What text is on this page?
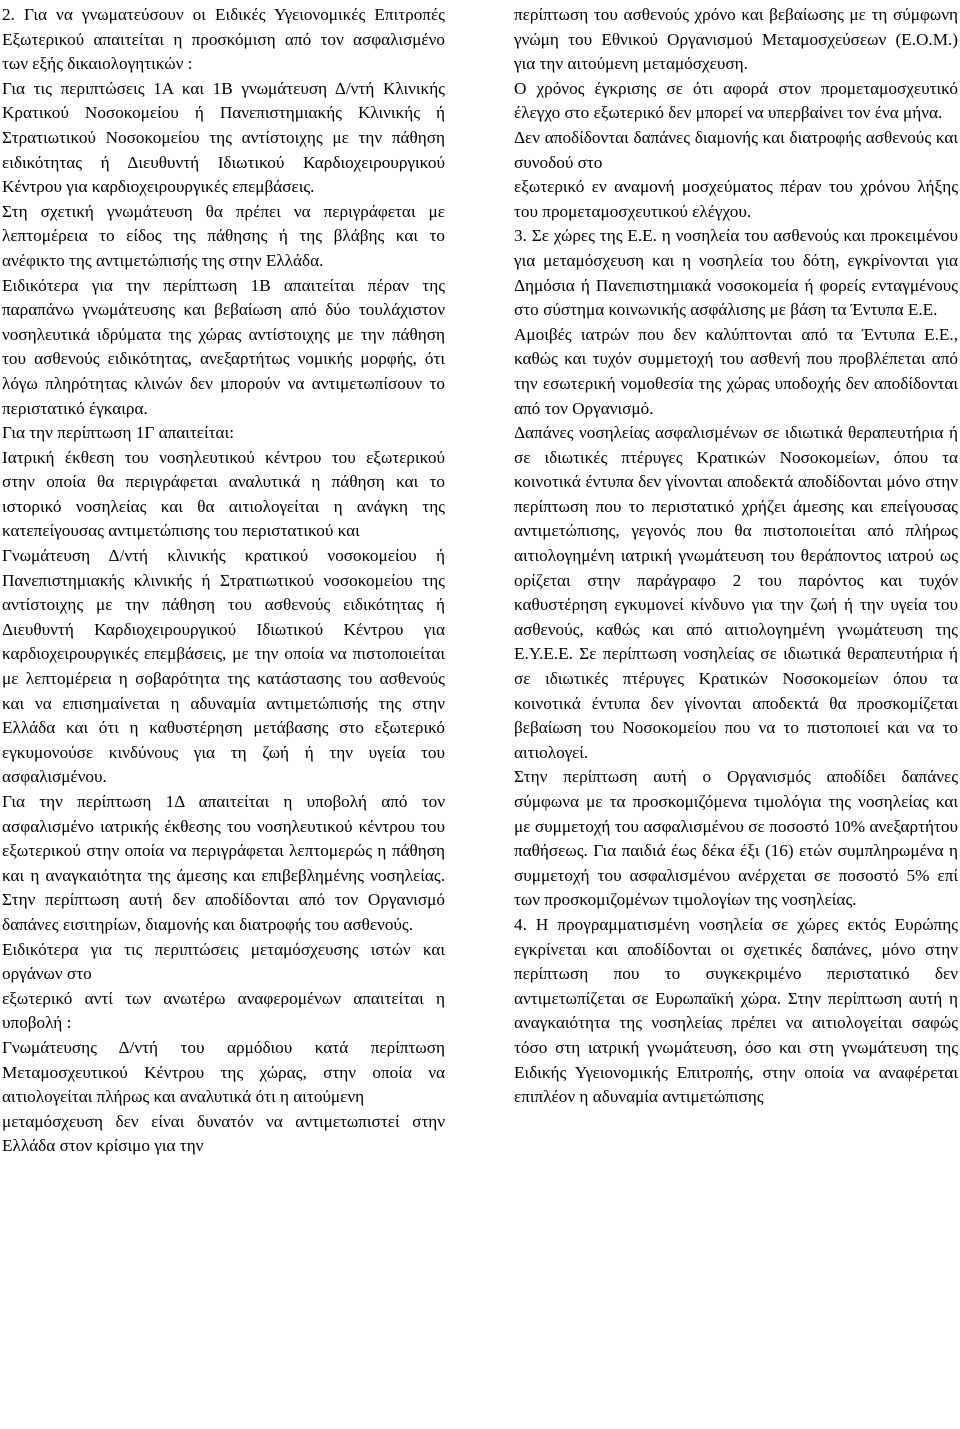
2. Για να γνωματεύσουν οι Ειδικές Υγειονομικές Επιτροπές Εξωτερικού απαιτείται η προσκόμιση από τον ασφαλισμένο των εξής δικαιολογητικών :

Για τις περιπτώσεις 1Α και 1Β γνωμάτευση Δ/ντή Κλινικής Κρατικού Νοσοκομείου ή Πανεπιστημιακής Κλινικής ή Στρατιωτικού Νοσοκομείου της αντίστοιχης με την πάθηση ειδικότητας ή Διευθυντή Ιδιωτικού Καρδιοχειρουργικού Κέντρου για καρδιοχειρουργικές επεμβάσεις.

Στη σχετική γνωμάτευση θα πρέπει να περιγράφεται με λεπτομέρεια το είδος της πάθησης ή της βλάβης και το ανέφικτο της αντιμετώπισής της στην Ελλάδα.

Ειδικότερα για την περίπτωση 1Β απαιτείται πέραν της παραπάνω γνωμάτευσης και βεβαίωση από δύο τουλάχιστον νοσηλευτικά ιδρύματα της χώρας αντίστοιχης με την πάθηση του ασθενούς ειδικότητας, ανεξαρτήτως νομικής μορφής, ότι λόγω πληρότητας κλινών δεν μπορούν να αντιμετωπίσουν το περιστατικό έγκαιρα.

Για την περίπτωση 1Γ απαιτείται:

Ιατρική έκθεση του νοσηλευτικού κέντρου του εξωτερικού στην οποία θα περιγράφεται αναλυτικά η πάθηση και το ιστορικό νοσηλείας και θα αιτιολογείται η ανάγκη της κατεπείγουσας αντιμετώπισης του περιστατικού και

Γνωμάτευση Δ/ντή κλινικής κρατικού νοσοκομείου ή Πανεπιστημιακής κλινικής ή Στρατιωτικού νοσοκομείου της αντίστοιχης με την πάθηση του ασθενούς ειδικότητας ή Διευθυντή Καρδιοχειρουργικού Ιδιωτικού Κέντρου για καρδιοχειρουργικές επεμβάσεις, με την οποία να πιστοποιείται με λεπτομέρεια η σοβαρότητα της κατάστασης του ασθενούς και να επισημαίνεται η αδυναμία αντιμετώπισής της στην Ελλάδα και ότι η καθυστέρηση μετάβασης στο εξωτερικό εγκυμονούσε κινδύνους για τη ζωή ή την υγεία του ασφαλισμένου.

Για την περίπτωση 1Δ απαιτείται η υποβολή από τον ασφαλισμένο ιατρικής έκθεσης του νοσηλευτικού κέντρου του εξωτερικού στην οποία να περιγράφεται λεπτομερώς η πάθηση και η αναγκαιότητα της άμεσης και επιβεβλημένης νοσηλείας. Στην περίπτωση αυτή δεν αποδίδονται από τον Οργανισμό δαπάνες εισιτηρίων, διαμονής και διατροφής του ασθενούς.

Ειδικότερα για τις περιπτώσεις μεταμόσχευσης ιστών και οργάνων στο

εξωτερικό αντί των ανωτέρω αναφερομένων απαιτείται η υποβολή :

Γνωμάτευσης Δ/ντή του αρμόδιου κατά περίπτωση Μεταμοσχευτικού Κέντρου της χώρας, στην οποία να αιτιολογείται πλήρως και αναλυτικά ότι η αιτούμενη

μεταμόσχευση δεν είναι δυνατόν να αντιμετωπιστεί στην Ελλάδα στον κρίσιμο για την

περίπτωση του ασθενούς χρόνο και βεβαίωσης με τη σύμφωνη γνώμη του Εθνικού Οργανισμού Μεταμοσχεύσεων (Ε.Ο.Μ.) για την αιτούμενη μεταμόσχευση.

Ο χρόνος έγκρισης σε ότι αφορά στον προμεταμοσχευτικό έλεγχο στο εξωτερικό δεν μπορεί να υπερβαίνει τον ένα μήνα.

Δεν αποδίδονται δαπάνες διαμονής και διατροφής ασθενούς και συνοδού στο

εξωτερικό εν αναμονή μοσχεύματος πέραν του χρόνου λήξης του προμεταμοσχευτικού ελέγχου.

3. Σε χώρες της Ε.Ε. η νοσηλεία του ασθενούς και προκειμένου για μεταμόσχευση και η νοσηλεία του δότη, εγκρίνονται για Δημόσια ή Πανεπιστημιακά νοσοκομεία ή φορείς ενταγμένους στο σύστημα κοινωνικής ασφάλισης με βάση τα Έντυπα Ε.Ε.

Αμοιβές ιατρών που δεν καλύπτονται από τα Έντυπα Ε.Ε., καθώς και τυχόν συμμετοχή του ασθενή που προβλέπεται από την εσωτερική νομοθεσία της χώρας υποδοχής δεν αποδίδονται από τον Οργανισμό.

Δαπάνες νοσηλείας ασφαλισμένων σε ιδιωτικά θεραπευτήρια ή σε ιδιωτικές πτέρυγες Κρατικών Νοσοκομείων, όπου τα κοινοτικά έντυπα δεν γίνονται αποδεκτά αποδίδονται μόνο στην περίπτωση που το περιστατικό χρήζει άμεσης και επείγουσας αντιμετώπισης, γεγονός που θα πιστοποιείται από πλήρως αιτιολογημένη ιατρική γνωμάτευση του θεράποντος ιατρού ως ορίζεται στην παράγραφο 2 του παρόντος και τυχόν καθυστέρηση εγκυμονεί κίνδυνο για την ζωή ή την υγεία του ασθενούς, καθώς και από αιτιολογημένη γνωμάτευση της Ε.Υ.Ε.Ε. Σε περίπτωση νοσηλείας σε ιδιωτικά θεραπευτήρια ή σε ιδιωτικές πτέρυγες Κρατικών Νοσοκομείων όπου τα κοινοτικά έντυπα δεν γίνονται αποδεκτά θα προσκομίζεται βεβαίωση του Νοσοκομείου που να το πιστοποιεί και να το αιτιολογεί.

Στην περίπτωση αυτή ο Οργανισμός αποδίδει δαπάνες σύμφωνα με τα προσκομιζόμενα τιμολόγια της νοσηλείας και με συμμετοχή του ασφαλισμένου σε ποσοστό 10% ανεξαρτήτου παθήσεως. Για παιδιά έως δέκα έξι (16) ετών συμπληρωμένα η συμμετοχή του ασφαλισμένου ανέρχεται σε ποσοστό 5% επί των προσκομιζομένων τιμολογίων της νοσηλείας.

4. Η προγραμματισμένη νοσηλεία σε χώρες εκτός Ευρώπης εγκρίνεται και αποδίδονται οι σχετικές δαπάνες, μόνο στην περίπτωση που το συγκεκριμένο περιστατικό δεν αντιμετωπίζεται σε Ευρωπαϊκή χώρα. Στην περίπτωση αυτή η αναγκαιότητα της νοσηλείας πρέπει να αιτιολογείται σαφώς τόσο στη ιατρική γνωμάτευση, όσο και στη γνωμάτευση της Ειδικής Υγειονομικής Επιτροπής, στην οποία να αναφέρεται επιπλέον η αδυναμία αντιμετώπισης
